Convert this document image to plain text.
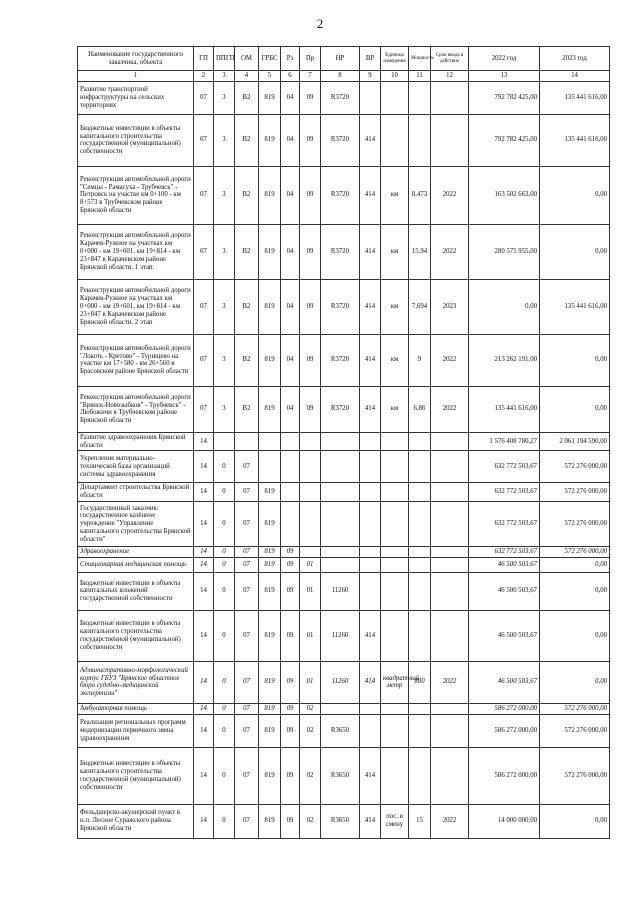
2
Наименование государственного заказчика, объекта	ГП	ППГП	ОМ	ГРБС	Рз	Пр	НР	ВР	Единица измерения	Мощность	Срок ввода в действие	2022 год	2023 год
1	2	3	4	5	6	7	8	9	10	11	12	13	14
Развитие транспортной инфраструктуры на сельских территориях	07	3	В2	819	04	09	R3720					792 782 425,00	135 441 616,00
Бюджетные инвестиции в объекты капитального строительства государственной (муниципальной) собственности	07	3	В2	819	04	09	R3720	414				792 782 425,00	135 441 616,00
Реконструкция автомобильной дороги "Семцы - Рамасуха - Трубчевск" - Петровск на участке км 0+100 - км 8+573 в Трубчевском районе Брянской области	07	3	В2	819	04	09	R3720	414	км	8,473	2022	163 502 663,00	0,00
Реконструкция автомобильной дороги Карачев-Ружное на участках км 0+000 - км 19+601, км 19+814 - км 23+847 в Карачевском районе Брянской области. 1 этап.	07	3	В2	819	04	09	R3720	414	км	15,94	2022	280 575 955,00	0,00
Реконструкция автомобильной дороги Карачев-Ружное на участках км 0+000 - км 19+601, км 19+814 - км 23+847 в Карачевском районе Брянской области. 2 этап	07	3	В2	819	04	09	R3720	414	км	7,694	2023	0,00	135 441 616,00
Реконструкция автомобильной дороги "Локоть - Кретово" - Турищево на участке км 17+580 - км 26+560 в Брасовском районе Брянской области	07	3	В2	819	04	09	R3720	414	км	9	2022	213 262 191,00	0,00
Реконструкция автомобильной дороги "Брянск-Новозыбков" - Трубчевск" - Любожичи в Трубчевском районе Брянской области	07	3	В2	819	04	09	R3720	414	км	6,86	2022	135 441 616,00	0,00
Развитие здравоохранения Брянской области	14											1 576 408 780,27	2 061 194 590,00
Укрепление материально-технической базы организаций системы здравоохранения	14	0	07									632 772 503,67	572 276 000,00
Департамент строительства Брянской области	14	0	07	819								632 772 503,67	572 276 000,00
Государственный заказчик: государственное казённое учреждение "Управление капитального строительства Брянской области"	14	0	07	819								632 772 503,67	572 276 000,00
Здравоохранение	14	0	07	819	09							632 772 503,67	572 276 000,00
Стационарная медицинская помощь	14	0	07	819	09	01						46 500 503,67	0,00
Бюджетные инвестиции в объекты капитальных вложений государственной собственности	14	0	07	819	09	01	11260					46 500 503,67	0,00
Бюджетные инвестиции в объекты капитального строительства государственной (муниципальной) собственности	14	0	07	819	09	01	11260	414				46 500 503,67	0,00
Административно-морфологический корпус ГБУЗ "Брянское областное бюро судебно-медицинской экспертизы"	14	0	07	819	09	01	11260	414	квадратный метр	800	2022	46 500 503,67	0,00
Амбулаторная помощь	14	0	07	819	09	02						586 272 000,00	572 276 000,00
Реализация региональных программ модернизации первичного звена здравоохранения	14	0	07	819	09	02	R3650					586 272 000,00	572 276 000,00
Бюджетные инвестиции в объекты капитального строительства государственной (муниципальной) собственности	14	0	07	819	09	02	R3650	414				586 272 000,00	572 276 000,00
Фельдшерско-акушерский пункт в н.п. Лесное Суражского района Брянской области	14	0	07	819	09	02	R3650	414	пос. в смену	15	2022	14 000 000,00	0,00
